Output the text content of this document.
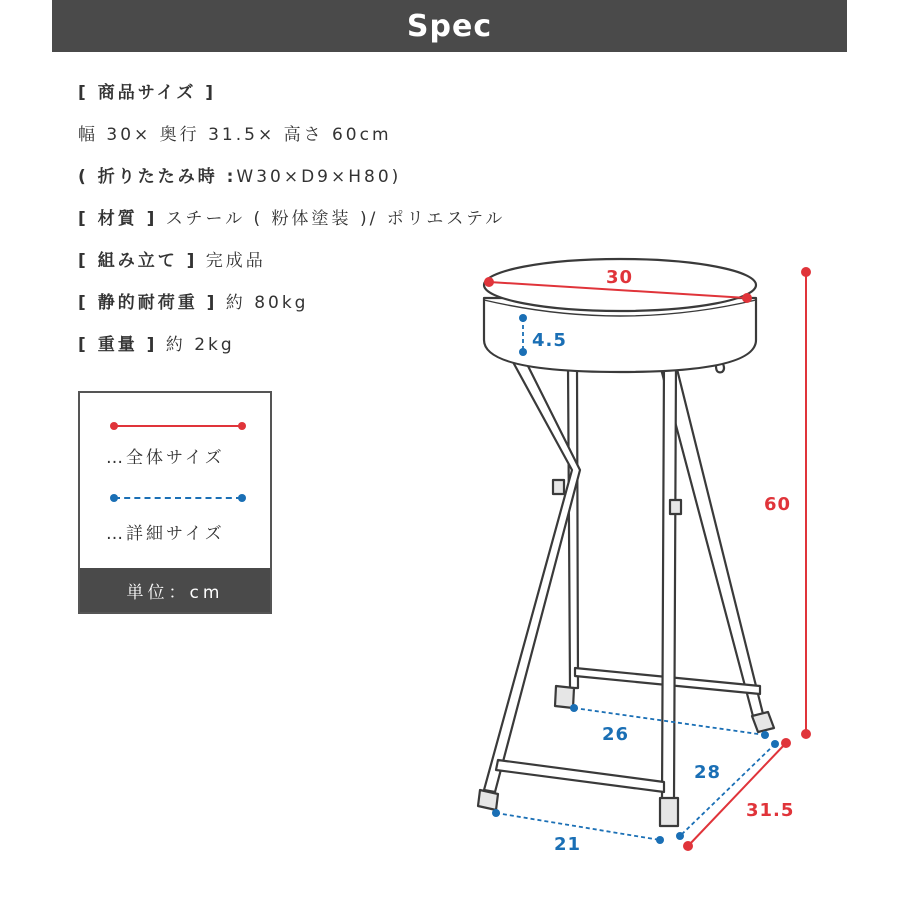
Spec
[ 商品サイズ ]
幅 30× 奥行 31.5× 高さ 60cm
( 折りたたみ時 :W30×D9×H80)
[ 材質 ] スチール ( 粉体塗装 )/ ポリエステル
[ 組み立て ] 完成品
[ 静的耐荷重 ] 約 80kg
[ 重量 ] 約 2kg
…全体サイズ
…詳細サイズ
単位：cm
30
4.5
60
26
28
31.5
21
